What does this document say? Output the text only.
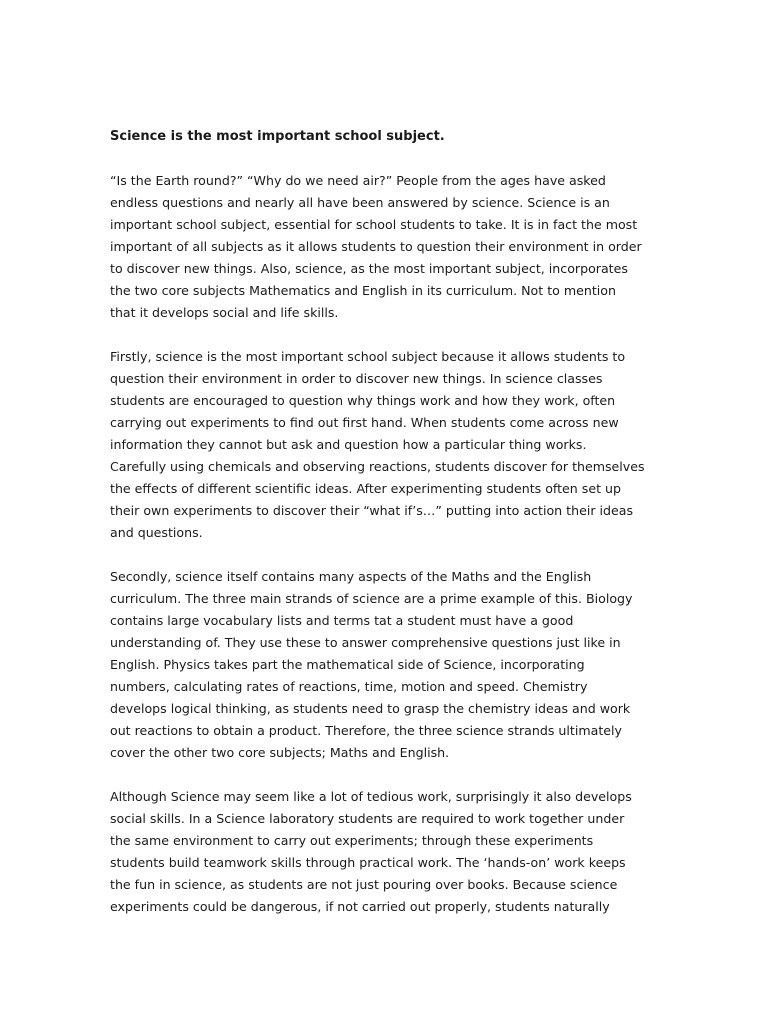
Science is the most important school subject.
“Is the Earth round?” “Why do we need air?” People from the ages have asked
endless questions and nearly all have been answered by science. Science is an
important school subject, essential for school students to take. It is in fact the most
important of all subjects as it allows students to question their environment in order
to discover new things. Also, science, as the most important subject, incorporates
the two core subjects Mathematics and English in its curriculum. Not to mention
that it develops social and life skills.
Firstly, science is the most important school subject because it allows students to
question their environment in order to discover new things. In science classes
students are encouraged to question why things work and how they work, often
carrying out experiments to find out first hand. When students come across new
information they cannot but ask and question how a particular thing works.
Carefully using chemicals and observing reactions, students discover for themselves
the effects of different scientific ideas. After experimenting students often set up
their own experiments to discover their “what if’s…” putting into action their ideas
and questions.
Secondly, science itself contains many aspects of the Maths and the English
curriculum. The three main strands of science are a prime example of this. Biology
contains large vocabulary lists and terms tat a student must have a good
understanding of. They use these to answer comprehensive questions just like in
English. Physics takes part the mathematical side of Science, incorporating
numbers, calculating rates of reactions, time, motion and speed. Chemistry
develops logical thinking, as students need to grasp the chemistry ideas and work
out reactions to obtain a product. Therefore, the three science strands ultimately
cover the other two core subjects; Maths and English.
Although Science may seem like a lot of tedious work, surprisingly it also develops
social skills. In a Science laboratory students are required to work together under
the same environment to carry out experiments; through these experiments
students build teamwork skills through practical work. The ‘hands-on’ work keeps
the fun in science, as students are not just pouring over books. Because science
experiments could be dangerous, if not carried out properly, students naturally
